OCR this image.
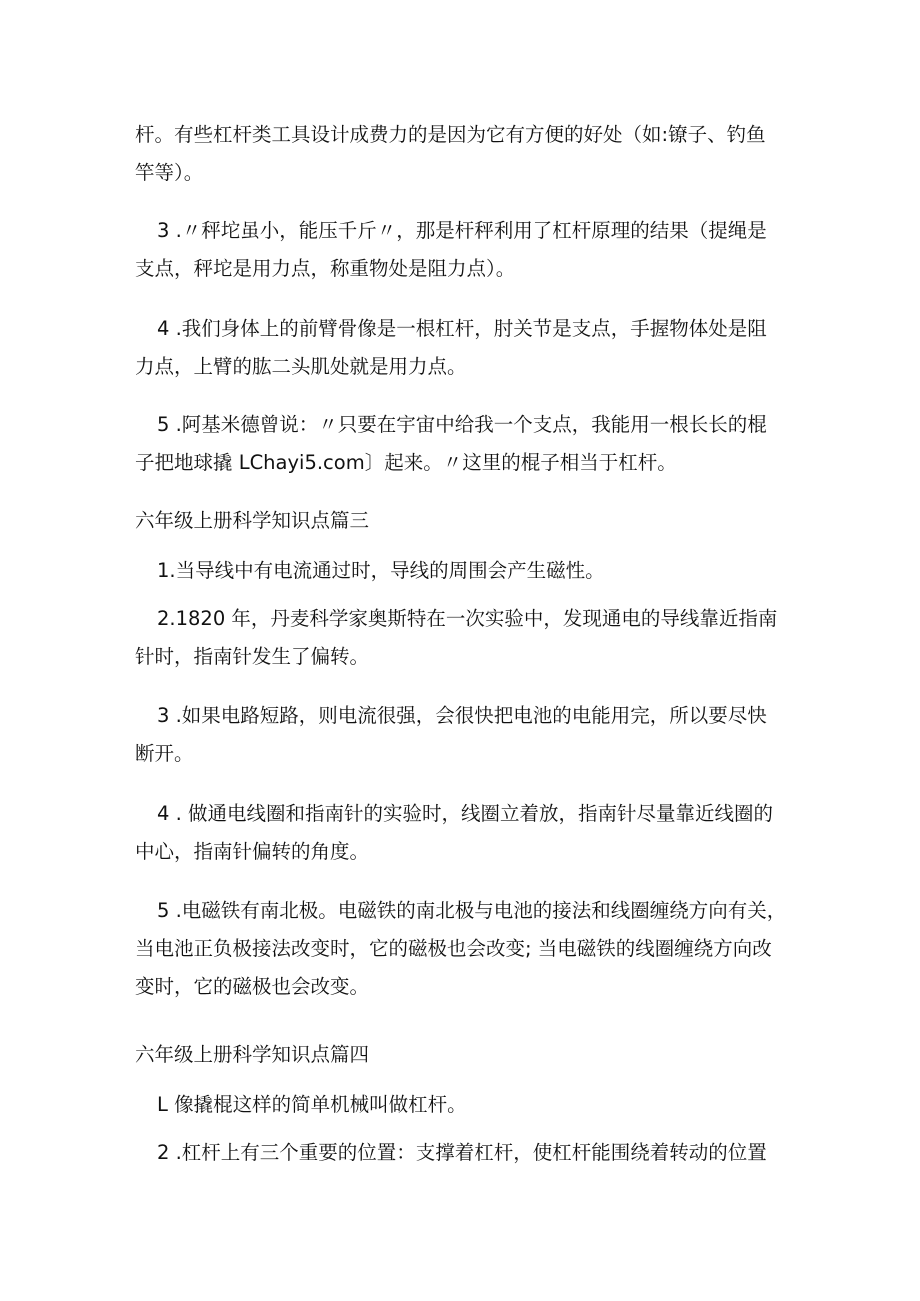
杆。有些杠杆类工具设计成费力的是因为它有方便的好处（如:镣子、钓鱼
竿等）。

3 .〃秤坨虽小，能压千斤〃，那是杆秤利用了杠杆原理的结果（提绳是
支点，秤坨是用力点，称重物处是阻力点）。

4 .我们身体上的前臂骨像是一根杠杆，肘关节是支点，手握物体处是阻
力点，上臂的肱二头肌处就是用力点。

5 .阿基米德曾说：〃只要在宇宙中给我一个支点，我能用一根长长的棍
子把地球撬 LChayi5.com〕起来。〃这里的棍子相当于杠杆。

六年级上册科学知识点篇三

1.当导线中有电流通过时，导线的周围会产生磁性。

2.1820 年，丹麦科学家奥斯特在一次实验中，发现通电的导线靠近指南
针时，指南针发生了偏转。

3 .如果电路短路，则电流很强，会很快把电池的电能用完，所以要尽快
断开。

4 . 做通电线圈和指南针的实验时，线圈立着放，指南针尽量靠近线圈的
中心，指南针偏转的角度。

5 .电磁铁有南北极。电磁铁的南北极与电池的接法和线圈缠绕方向有关，
当电池正负极接法改变时，它的磁极也会改变; 当电磁铁的线圈缠绕方向改
变时，它的磁极也会改变。

六年级上册科学知识点篇四

L 像撬棍这样的简单机械叫做杠杆。

2 .杠杆上有三个重要的位置：支撑着杠杆，使杠杆能围绕着转动的位置
